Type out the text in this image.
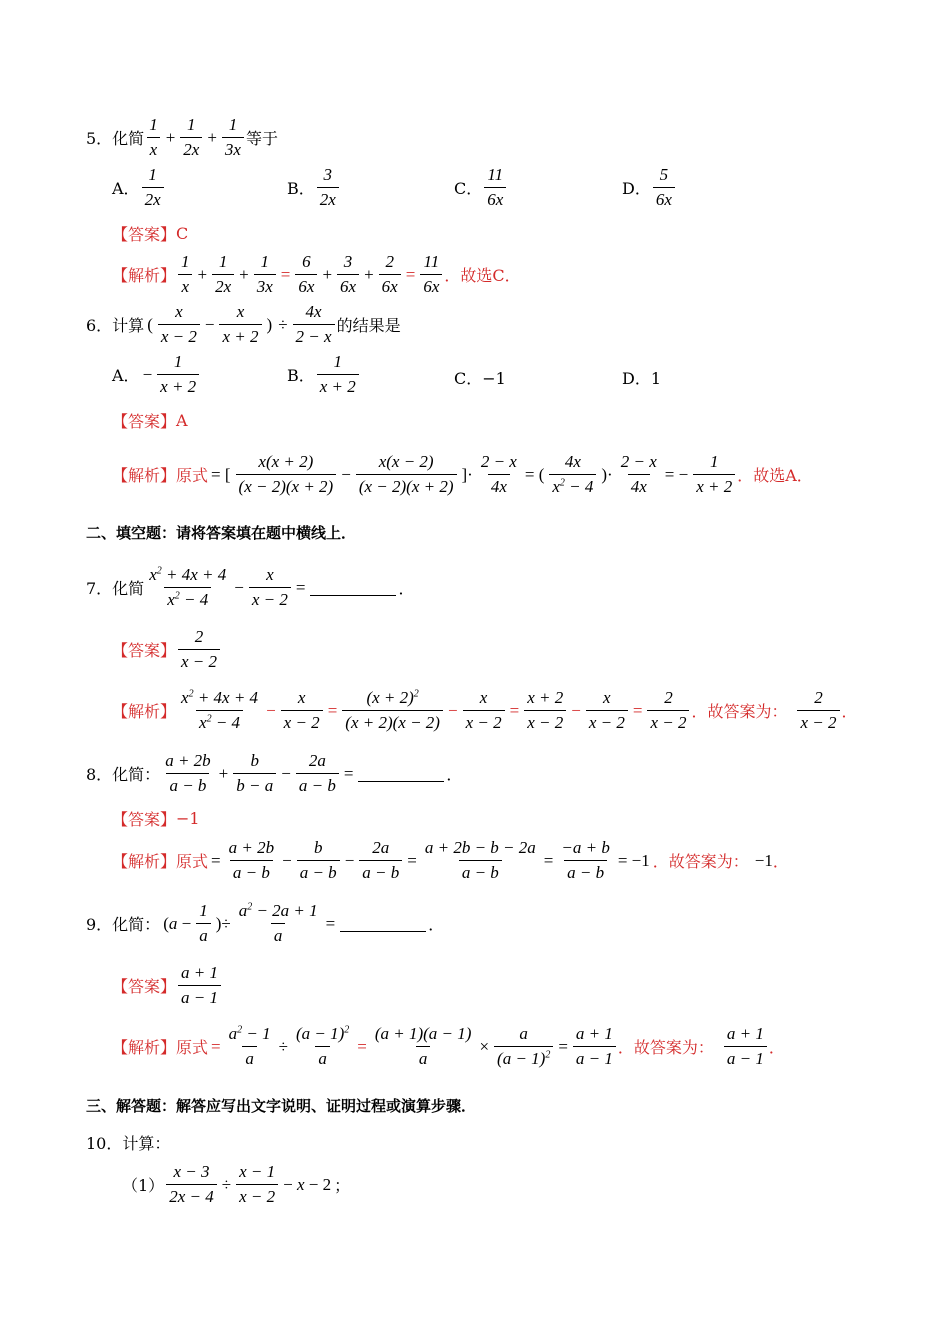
5．化简 $\frac{1}{x} + \frac{1}{2x} + \frac{1}{3x}$ 等于
A． $\frac{1}{2x}$	B． $\frac{3}{2x}$	C． $\frac{11}{6x}$	D． $\frac{5}{6x}$
【答案】 C
【解析】 $\frac{1}{x} + \frac{1}{2x} + \frac{1}{3x} = \frac{6}{6x} + \frac{3}{6x} + \frac{2}{6x} = \frac{11}{6x}$ ．故选C．
6．计算 ( $\frac{x}{x - 2} - \frac{x}{x + 2}$ ) ÷ $\frac{4x}{2 - x}$ 的结果是
A． − $\frac{1}{x + 2}$	B． $\frac{1}{x + 2}$	C．−1	D．1
【答案】 A
【解析】 原式 = [ $\frac{x(x + 2)}{(x - 2)(x + 2)} - \frac{x(x - 2)}{(x - 2)(x + 2)}$ ]· $\frac{2 - x}{4x}$ = ( $\frac{4x}{x^2 - 4}$ )· $\frac{2 - x}{4x}$ = − $\frac{1}{x + 2}$ ．故选A．
二、填空题：请将答案填在题中横线上．
7．化简 $\frac{x^2 + 4x + 4}{x^2 - 4} - \frac{x}{x - 2}$ =	．
【答案】 $\frac{2}{x - 2}$
【解析】 $\frac{x^2 + 4x + 4}{x^2 - 4} - \frac{x}{x - 2} = \frac{(x + 2)^2}{(x + 2)(x - 2)} - \frac{x}{x - 2} = \frac{x + 2}{x - 2} - \frac{x}{x - 2} = \frac{2}{x - 2}$ ．故答案为： $\frac{2}{x - 2}$ ．
8．化简： $\frac{a + 2b}{a - b} + \frac{b}{b - a} - \frac{2a}{a - b}$ =	．
【答案】 −1
【解析】 原式 = $\frac{a + 2b}{a - b} - \frac{b}{a - b} - \frac{2a}{a - b} = \frac{a + 2b - b - 2a}{a - b} = \frac{-a + b}{a - b} = -1$ ．故答案为： −1 ．
9．化简： ($a - \frac{1}{a}$ )÷ $\frac{a^2 - 2a + 1}{a}$ =	．
【答案】 $\frac{a + 1}{a - 1}$
【解析】 原式 = $\frac{a^2 - 1}{a} \div \frac{(a - 1)^2}{a} = \frac{(a + 1)(a - 1)}{a} \times \frac{a}{(a - 1)^2} = \frac{a + 1}{a - 1}$ ．故答案为： $\frac{a + 1}{a - 1}$ ．
三、解答题：解答应写出文字说明、证明过程或演算步骤．
10．计算：
$(1) \frac{x - 3}{2x - 4} \div \frac{x - 1}{x - 2} - x - 2$ ；
